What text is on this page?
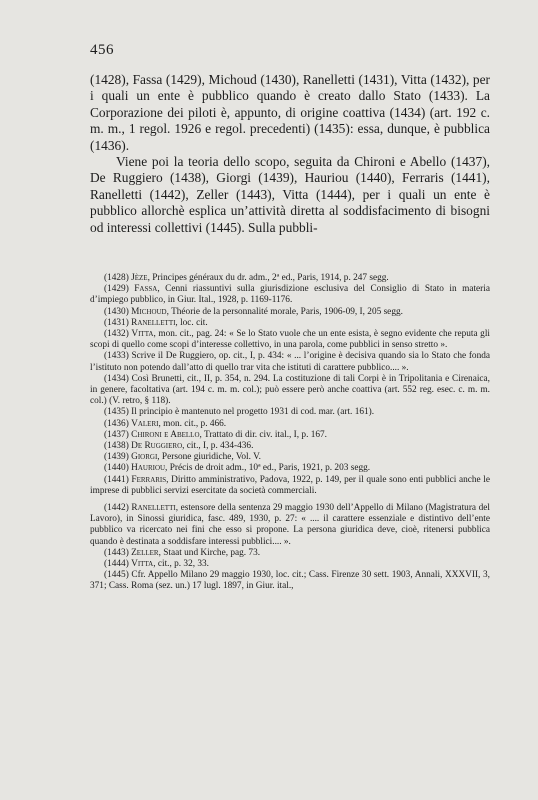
456

(1428), Fassa (1429), Michoud (1430), Ranelletti (1431), Vitta (1432), per i quali un ente è pubblico quando è creato dallo Stato (1433). La Corporazione dei piloti è, appunto, di origine coattiva (1434) (art. 192 c. m. m., 1 regol. 1926 e regol. precedenti) (1435): essa, dunque, è pubblica (1436).

Viene poi la teoria dello scopo, seguita da Chironi e Abello (1437), De Ruggiero (1438), Giorgi (1439), Hauriou (1440), Ferraris (1441), Ranelletti (1442), Zeller (1443), Vitta (1444), per i quali un ente è pubblico allorchè esplica un’attività diretta al soddisfacimento di bisogni od interessi collettivi (1445). Sulla pubbli-

(1428) Jèze, Principes généraux du dr. adm., 2ª ed., Paris, 1914, p. 247 segg.

(1429) Fassa, Cenni riassuntivi sulla giurisdizione esclusiva del Consiglio di Stato in materia d’impiego pubblico, in Giur. Ital., 1928, p. 1169-1176.

(1430) Michoud, Théorie de la personnalité morale, Paris, 1906-09, I, 205 segg.

(1431) Ranelletti, loc. cit.

(1432) Vitta, mon. cit., pag. 24: « Se lo Stato vuole che un ente esista, è segno evidente che reputa gli scopi di quello come scopi d’interesse collettivo, in una parola, come pubblici in senso stretto ».

(1433) Scrive il De Ruggiero, op. cit., I, p. 434: « ... l’origine è decisiva quando sia lo Stato che fonda l’istituto non potendo dall’atto di quello trar vita che istituti di carattere pubblico.... ».

(1434) Così Brunetti, cit., II, p. 354, n. 294. La costituzione di tali Corpi è in Tripolitania e Cirenaica, in genere, facoltativa (art. 194 c. m. m. col.); può essere però anche coattiva (art. 552 reg. esec. c. m. m. col.) (V. retro, § 118).

(1435) Il principio è mantenuto nel progetto 1931 di cod. mar. (art. 161).

(1436) Valeri, mon. cit., p. 466.

(1437) Chironi e Abello, Trattato di dir. civ. ital., I, p. 167.

(1438) De Ruggiero, cit., I, p. 434-436.

(1439) Giorgi, Persone giuridiche, Vol. V.

(1440) Hauriou, Précis de droit adm., 10ª ed., Paris, 1921, p. 203 segg.

(1441) Ferraris, Diritto amministrativo, Padova, 1922, p. 149, per il quale sono enti pubblici anche le imprese di pubblici servizi esercitate da società commerciali.

(1442) Ranelletti, estensore della sentenza 29 maggio 1930 dell’Appello di Milano (Magistratura del Lavoro), in Sinossi giuridica, fasc. 489, 1930, p. 27: « .... il carattere essenziale e distintivo dell’ente pubblico va ricercato nei fini che esso si propone. La persona giuridica deve, cioè, ritenersi pubblica quando è destinata a soddisfare interessi pubblici.... ».

(1443) Zeller, Staat und Kirche, pag. 73.

(1444) Vitta, cit., p. 32, 33.

(1445) Cfr. Appello Milano 29 maggio 1930, loc. cit.; Cass. Firenze 30 sett. 1903, Annali, XXXVII, 3, 371; Cass. Roma (sez. un.) 17 lugl. 1897, in Giur. ital.,
